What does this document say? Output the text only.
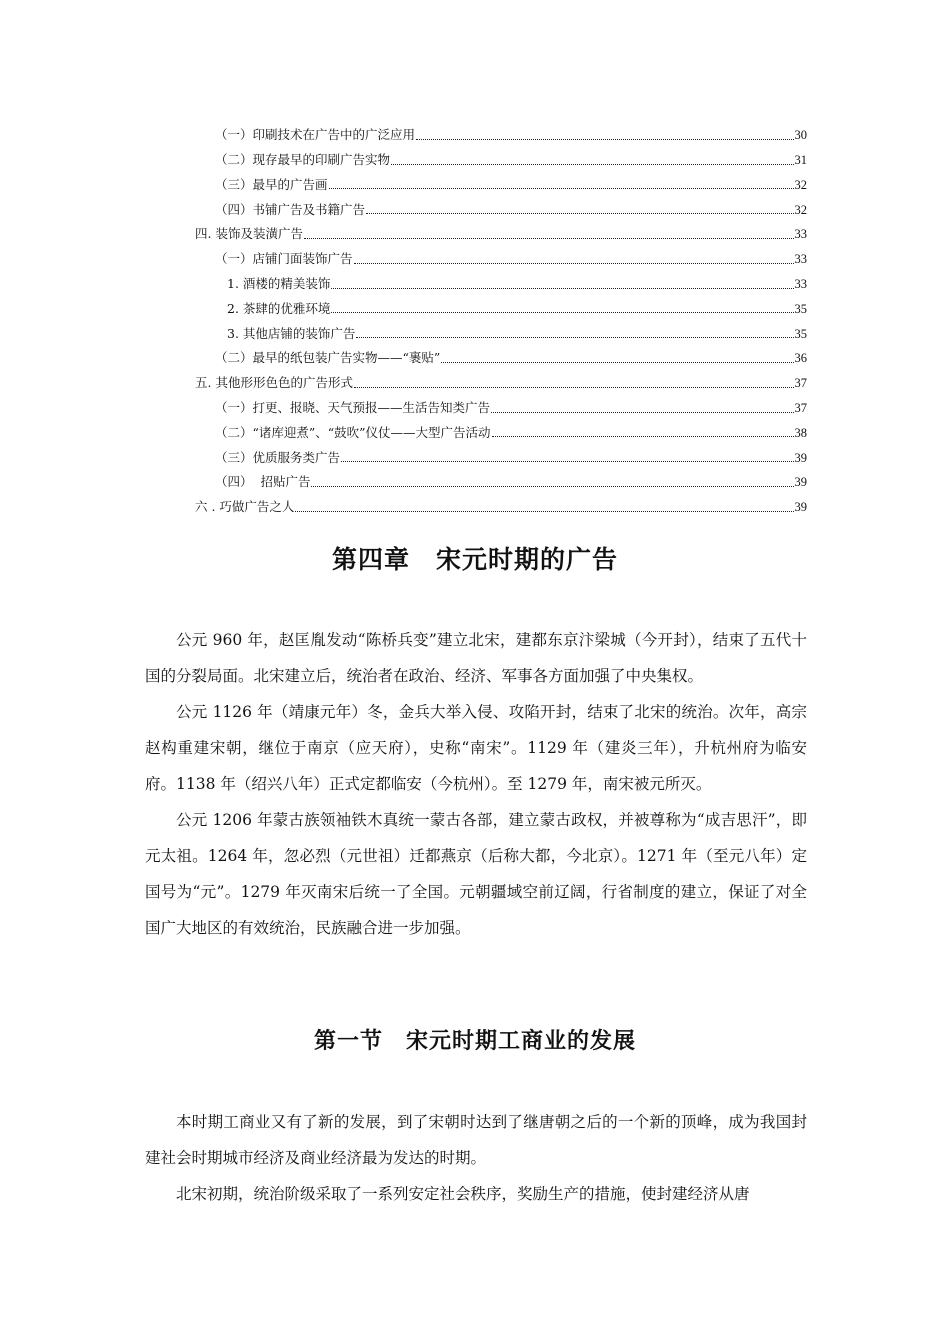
（一）印刷技术在广告中的广泛应用	30
（二）现存最早的印刷广告实物	31
（三）最早的广告画	32
（四）书铺广告及书籍广告	32
四. 装饰及装潢广告	33
（一）店铺门面装饰广告	33
1. 酒楼的精美装饰	33
2. 茶肆的优雅环境	35
3. 其他店铺的装饰广告	35
（二）最早的纸包装广告实物——“裹贴”	36
五. 其他形形色色的广告形式	37
（一）打更、报晓、天气预报——生活告知类广告	37
（二）“诸库迎煮”、“鼓吹”仪仗——大型广告活动	38
（三）优质服务类广告	39
（四）  招贴广告	39
六 . 巧做广告之人	39
第四章　宋元时期的广告

公元 960 年，赵匡胤发动“陈桥兵变”建立北宋，建都东京汴梁城（今开封），结束了五代十国的分裂局面。北宋建立后，统治者在政治、经济、军事各方面加强了中央集权。

公元 1126 年（靖康元年）冬，金兵大举入侵、攻陷开封，结束了北宋的统治。次年，高宗赵构重建宋朝，继位于南京（应天府），史称“南宋”。1129 年（建炎三年），升杭州府为临安府。1138 年（绍兴八年）正式定都临安（今杭州）。至 1279 年，南宋被元所灭。

公元 1206 年蒙古族领袖铁木真统一蒙古各部，建立蒙古政权，并被尊称为“成吉思汗”，即元太祖。1264 年，忽必烈（元世祖）迁都燕京（后称大都，今北京）。1271 年（至元八年）定国号为“元”。1279 年灭南宋后统一了全国。元朝疆域空前辽阔，行省制度的建立，保证了对全国广大地区的有效统治，民族融合进一步加强。

第一节　宋元时期工商业的发展

本时期工商业又有了新的发展，到了宋朝时达到了继唐朝之后的一个新的顶峰，成为我国封建社会时期城市经济及商业经济最为发达的时期。

北宋初期，统治阶级采取了一系列安定社会秩序，奖励生产的措施，使封建经济从唐
